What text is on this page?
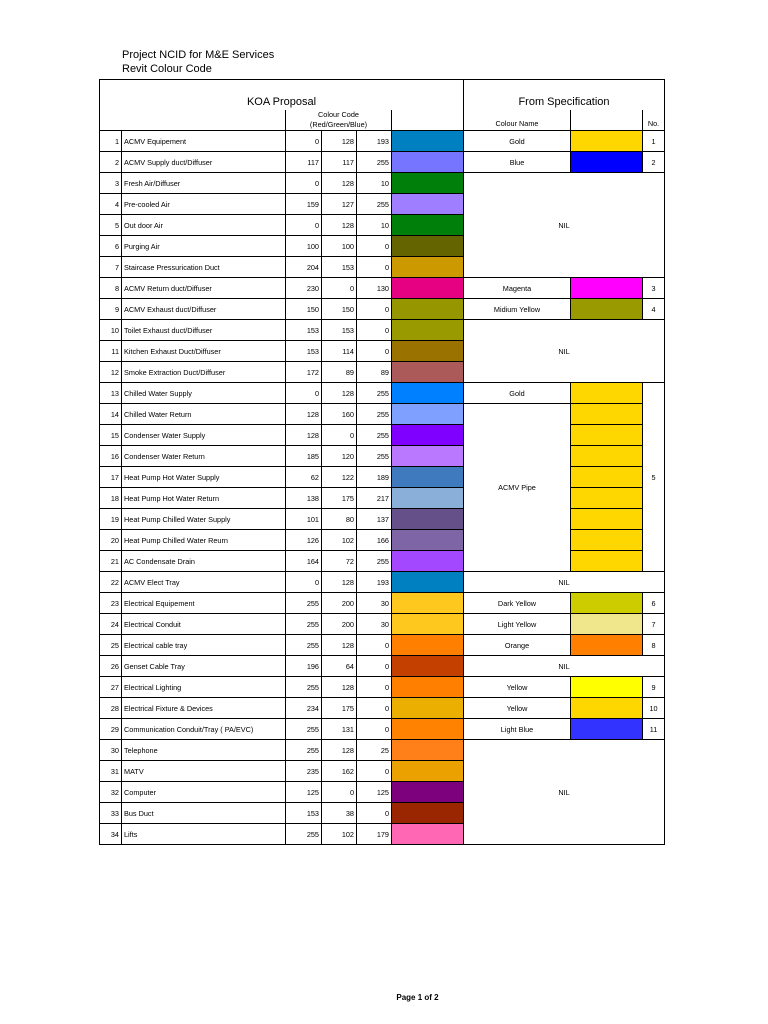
Project NCID for M&E Services
Revit Colour Code
KOA Proposal						From Specification		

		Colour Code
(Red/Green/Blue)				Colour Name		No.
1	ACMV Equipement	0	128	193		Gold		1
2	ACMV Supply duct/Diffuser	117	117	255		Blue		2
3	Fresh Air/Diffuser	0	128	10		NIL		
4	Pre-cooled Air	159	127	255				
5	Out door Air	0	128	10				
6	Purging Air	100	100	0				
7	Staircase Pressurication Duct	204	153	0				
8	ACMV Return duct/Diffuser	230	0	130		Magenta		3
9	ACMV Exhaust duct/Diffuser	150	150	0		Midium Yellow		4
10	Toilet Exhaust duct/Diffuser	153	153	0		NIL		
11	Kitchen Exhaust Duct/Diffuser	153	114	0				
12	Smoke Extraction Duct/Diffuser	172	89	89				
13	Chilled Water Supply	0	128	255		Gold		5
14	Chilled Water Return	128	160	255		ACMV Pipe		
15	Condenser Water Supply	128	0	255				
16	Condenser Water Return	185	120	255				
17	Heat Pump Hot Water Supply	62	122	189				
18	Heat Pump Hot Water Return	138	175	217				
19	Heat Pump Chilled Water Supply	101	80	137				
20	Heat Pump Chilled Water Reurn	126	102	166				
21	AC Condensate Drain	164	72	255				
22	ACMV Elect Tray	0	128	193		NIL		
23	Electrical Equipement	255	200	30		Dark Yellow		6
24	Electrical Conduit	255	200	30		Light Yellow		7
25	Electrical cable tray	255	128	0		Orange		8
26	Genset Cable Tray	196	64	0		NIL		
27	Electrical Lighting	255	128	0		Yellow		9
28	Electrical Fixture & Devices	234	175	0		Yellow		10
29	Communication Conduit/Tray ( PA/EVC)	255	131	0		Light Blue		11
30	Telephone	255	128	25		NIL		
31	MATV	235	162	0				
32	Computer	125	0	125				
33	Bus Duct	153	38	0				
34	Lifts	255	102	179				
Page 1 of 2
